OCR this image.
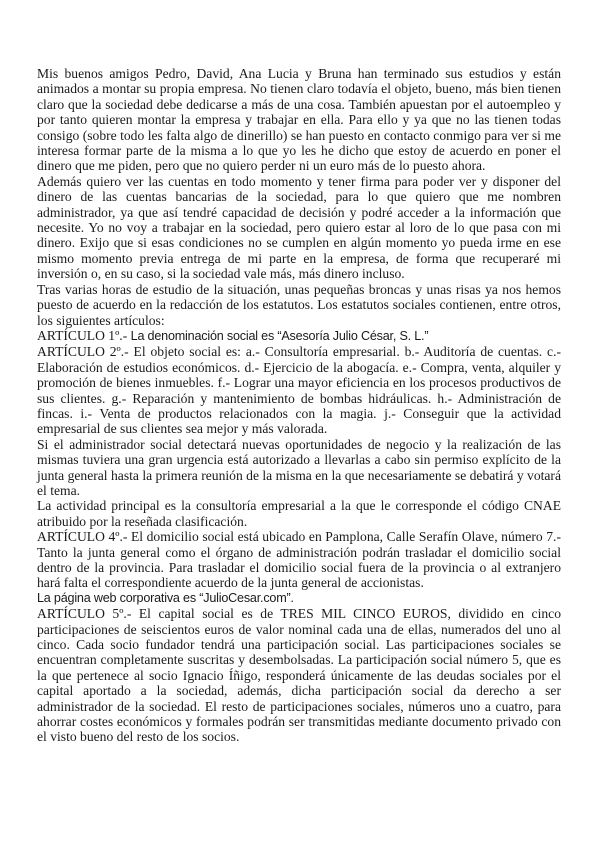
Mis buenos amigos Pedro, David, Ana Lucia y Bruna han terminado sus estudios y están animados a montar su propia empresa. No tienen claro todavía el objeto, bueno, más bien tienen claro que la sociedad debe dedicarse a más de una cosa. También apuestan por el autoempleo y por tanto quieren montar la empresa y trabajar en ella. Para ello y ya que no las tienen todas consigo (sobre todo les falta algo de dinerillo) se han puesto en contacto conmigo para ver si me interesa formar parte de la misma a lo que yo les he dicho que estoy de acuerdo en poner el dinero que me piden, pero que no quiero perder ni un euro más de lo puesto ahora.

Además quiero ver las cuentas en todo momento y tener firma para poder ver y disponer del dinero de las cuentas bancarias de la sociedad, para lo que quiero que me nombren administrador, ya que así tendré capacidad de decisión y podré acceder a la información que necesite. Yo no voy a trabajar en la sociedad, pero quiero estar al loro de lo que pasa con mi dinero. Exijo que si esas condiciones no se cumplen en algún momento yo pueda irme en ese mismo momento previa entrega de mi parte en la empresa, de forma que recuperaré mi inversión o, en su caso, si la sociedad vale más, más dinero incluso.

Tras varias horas de estudio de la situación, unas pequeñas broncas y unas risas ya nos hemos puesto de acuerdo en la redacción de los estatutos. Los estatutos sociales contienen, entre otros, los siguientes artículos:

ARTÍCULO 1º.- La denominación social es “Asesoría Julio César, S. L.”

ARTÍCULO 2º.- El objeto social es: a.- Consultoría empresarial. b.- Auditoría de cuentas. c.- Elaboración de estudios económicos. d.- Ejercicio de la abogacía. e.- Compra, venta, alquiler y promoción de bienes inmuebles. f.- Lograr una mayor eficiencia en los procesos productivos de sus clientes. g.- Reparación y mantenimiento de bombas hidráulicas. h.- Administración de fincas. i.- Venta de productos relacionados con la magia. j.- Conseguir que la actividad empresarial de sus clientes sea mejor y más valorada.

Si el administrador social detectará nuevas oportunidades de negocio y la realización de las mismas tuviera una gran urgencia está autorizado a llevarlas a cabo sin permiso explícito de la junta general hasta la primera reunión de la misma en la que necesariamente se debatirá y votará el tema.

La actividad principal es la consultoría empresarial a la que le corresponde el código CNAE atribuido por la reseñada clasificación.

ARTÍCULO 4º.- El domicilio social está ubicado en Pamplona, Calle Serafín Olave, número 7.- Tanto la junta general como el órgano de administración podrán trasladar el domicilio social dentro de la provincia. Para trasladar el domicilio social fuera de la provincia o al extranjero hará falta el correspondiente acuerdo de la junta general de accionistas.

La página web corporativa es “JulioCesar.com”.

ARTÍCULO 5º.- El capital social es de TRES MIL CINCO EUROS, dividido en cinco participaciones de seiscientos euros de valor nominal cada una de ellas, numerados del uno al cinco. Cada socio fundador tendrá una participación social. Las participaciones sociales se encuentran completamente suscritas y desembolsadas. La participación social número 5, que es la que pertenece al socio Ignacio Íñigo, responderá únicamente de las deudas sociales por el capital aportado a la sociedad, además, dicha participación social da derecho a ser administrador de la sociedad. El resto de participaciones sociales, números uno a cuatro, para ahorrar costes económicos y formales podrán ser transmitidas mediante documento privado con el visto bueno del resto de los socios.
